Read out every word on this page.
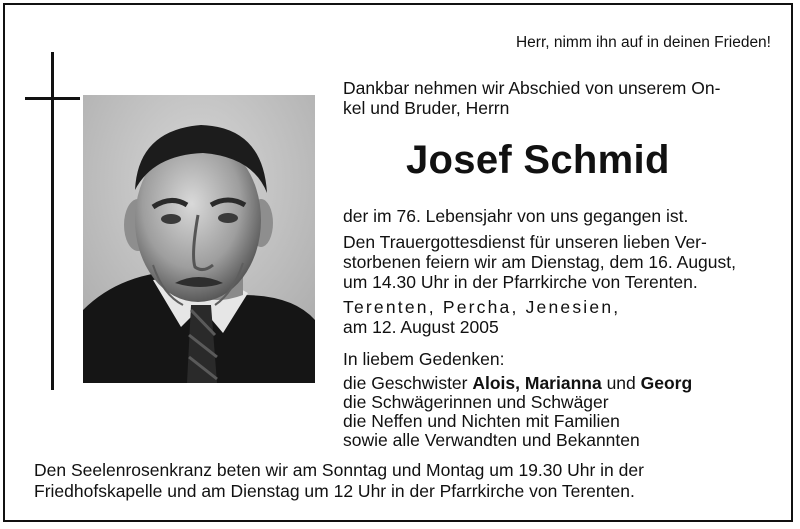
Herr, nimm ihn auf in deinen Frieden!
Dankbar nehmen wir Abschied von unserem On-
kel und Bruder, Herrn
Josef Schmid
der im 76. Lebensjahr von uns gegangen ist.
Den Trauergottesdienst für unseren lieben Ver-
storbenen feiern wir am Dienstag, dem 16. August,
um 14.30 Uhr in der Pfarrkirche von Terenten.
Terenten, Percha, Jenesien,
am 12. August 2005
In liebem Gedenken:
die Geschwister Alois, Marianna und Georg
die Schwägerinnen und Schwäger
die Neffen und Nichten mit Familien
sowie alle Verwandten und Bekannten
Den Seelenrosenkranz beten wir am Sonntag und Montag um 19.30 Uhr in der
Friedhofskapelle und am Dienstag um 12 Uhr in der Pfarrkirche von Terenten.
